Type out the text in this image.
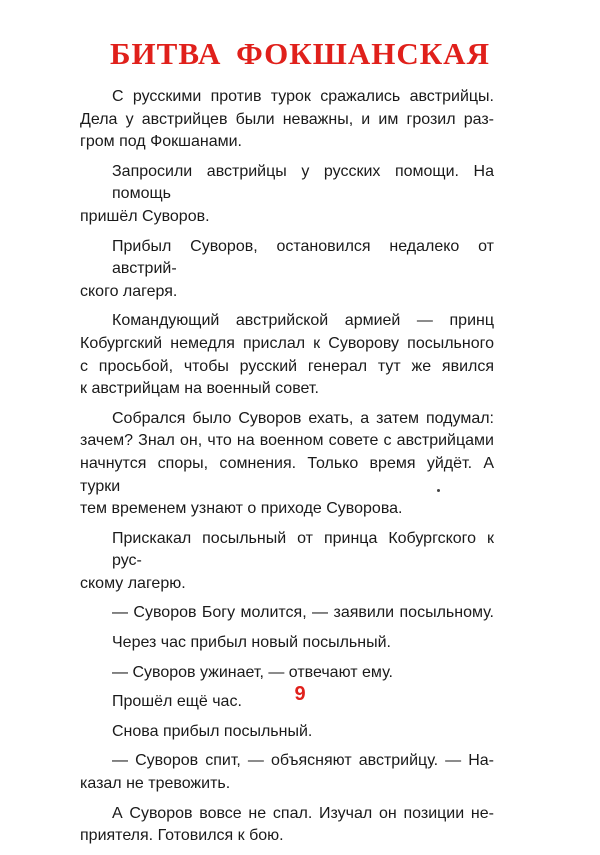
БИТВА ФОКШАНСКАЯ
С русскими против турок сражались австрийцы.
Дела у австрийцев были неважны, и им грозил раз-
гром под Фокшанами.
Запросили австрийцы у русских помощи. На помощь
пришёл Суворов.
Прибыл Суворов, остановился недалеко от австрий-
ского лагеря.
Командующий австрийской армией — принц
Кобургский немедля прислал к Суворову посыльного
с просьбой, чтобы русский генерал тут же явился
к австрийцам на военный совет.
Собрался было Суворов ехать, а затем подумал:
зачем? Знал он, что на военном совете с австрийцами
начнутся споры, сомнения. Только время уйдёт. А турки
тем временем узнают о приходе Суворова.
Прискакал посыльный от принца Кобургского к рус-
скому лагерю.
— Суворов Богу молится, — заявили посыльному.
Через час прибыл новый посыльный.
— Суворов ужинает, — отвечают ему.
Прошёл ещё час.
Снова прибыл посыльный.
— Суворов спит, — объясняют австрийцу. — На-
казал не тревожить.
А Суворов вовсе не спал. Изучал он позиции не-
приятеля. Готовился к бою.
9
